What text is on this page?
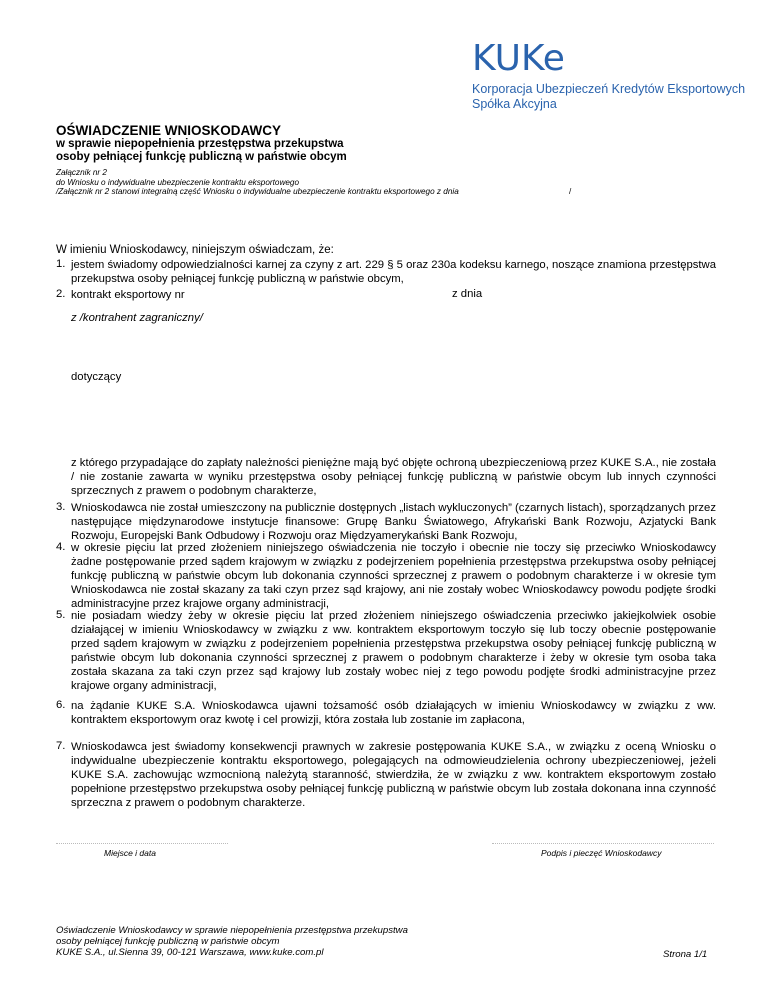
KUKe
Korporacja Ubezpieczeń Kredytów Eksportowych
Spółka Akcyjna
OŚWIADCZENIE WNIOSKODAWCY
w sprawie niepopełnienia przestępstwa przekupstwa
osoby pełniącej funkcję publiczną w państwie obcym
Załącznik nr 2
do Wniosku o indywidualne ubezpieczenie kontraktu eksportowego
/Załącznik nr 2 stanowi integralną część Wniosku o indywidualne ubezpieczenie kontraktu eksportowego z dnia	/
W imieniu Wnioskodawcy, niniejszym oświadczam, że:
1. jestem świadomy odpowiedzialności karnej za czyny z art. 229 § 5 oraz 230a kodeksu karnego, noszące znamiona przestępstwa przekupstwa osoby pełniącej funkcję publiczną w państwie obcym,
2. kontrakt eksportowy nr	z dnia
z /kontrahent zagraniczny/
dotyczący
z którego przypadające do zapłaty należności pieniężne mają być objęte ochroną ubezpieczeniową przez KUKE S.A., nie została / nie zostanie zawarta w wyniku przestępstwa osoby pełniącej funkcję publiczną w państwie obcym lub innych czynności sprzecznych z prawem o podobnym charakterze,
3. Wnioskodawca nie został umieszczony na publicznie dostępnych „listach wykluczonych” (czarnych listach), sporządzanych przez następujące międzynarodowe instytucje finansowe: Grupę Banku Światowego, Afrykański Bank Rozwoju, Azjatycki Bank Rozwoju, Europejski Bank Odbudowy i Rozwoju oraz Międzyamerykański Bank Rozwoju,
4. w okresie pięciu lat przed złożeniem niniejszego oświadczenia nie toczyło i obecnie nie toczy się przeciwko Wnioskodawcy żadne postępowanie przed sądem krajowym w związku z podejrzeniem popełnienia przestępstwa przekupstwa osoby pełniącej funkcję publiczną w państwie obcym lub dokonania czynności sprzecznej z prawem o podobnym charakterze i w okresie tym Wnioskodawca nie został skazany za taki czyn przez sąd krajowy, ani nie zostały wobec Wnioskodawcy powodu podjęte środki administracyjne przez krajowe organy administracji,
5. nie posiadam wiedzy żeby w okresie pięciu lat przed złożeniem niniejszego oświadczenia przeciwko jakiejkolwiek osobie działającej w imieniu Wnioskodawcy w związku z ww. kontraktem eksportowym toczyło się lub toczy obecnie postępowanie przed sądem krajowym w związku z podejrzeniem popełnienia przestępstwa przekupstwa osoby pełniącej funkcję publiczną w państwie obcym lub dokonania czynności sprzecznej z prawem o podobnym charakterze i żeby w okresie tym osoba taka została skazana za taki czyn przez sąd krajowy lub zostały wobec niej z tego powodu podjęte środki administracyjne przez krajowe organy administracji,
6. na żądanie KUKE S.A. Wnioskodawca ujawni tożsamość osób działających w imieniu Wnioskodawcy w związku z ww. kontraktem eksportowym oraz kwotę i cel prowizji, która została lub zostanie im zapłacona,
7. Wnioskodawca jest świadomy konsekwencji prawnych w zakresie postępowania KUKE S.A., w związku z oceną Wniosku o indywidualne ubezpieczenie kontraktu eksportowego, polegających na odmowieudzielenia ochrony ubezpieczeniowej, jeżeli KUKE S.A. zachowując wzmocnioną należytą staranność, stwierdziła, że w związku z ww. kontraktem eksportowym zostało popełnione przestępstwo przekupstwa osoby pełniącej funkcję publiczną w państwie obcym lub została dokonana inna czynność sprzeczna z prawem o podobnym charakterze.
Miejsce i data	Podpis i pieczęć Wnioskodawcy
Oświadczenie Wnioskodawcy w sprawie niepopełnienia przestępstwa przekupstwa
osoby pełniącej funkcję publiczną w państwie obcym
KUKE S.A., ul.Sienna 39, 00-121 Warszawa, www.kuke.com.pl	Strona 1/1
